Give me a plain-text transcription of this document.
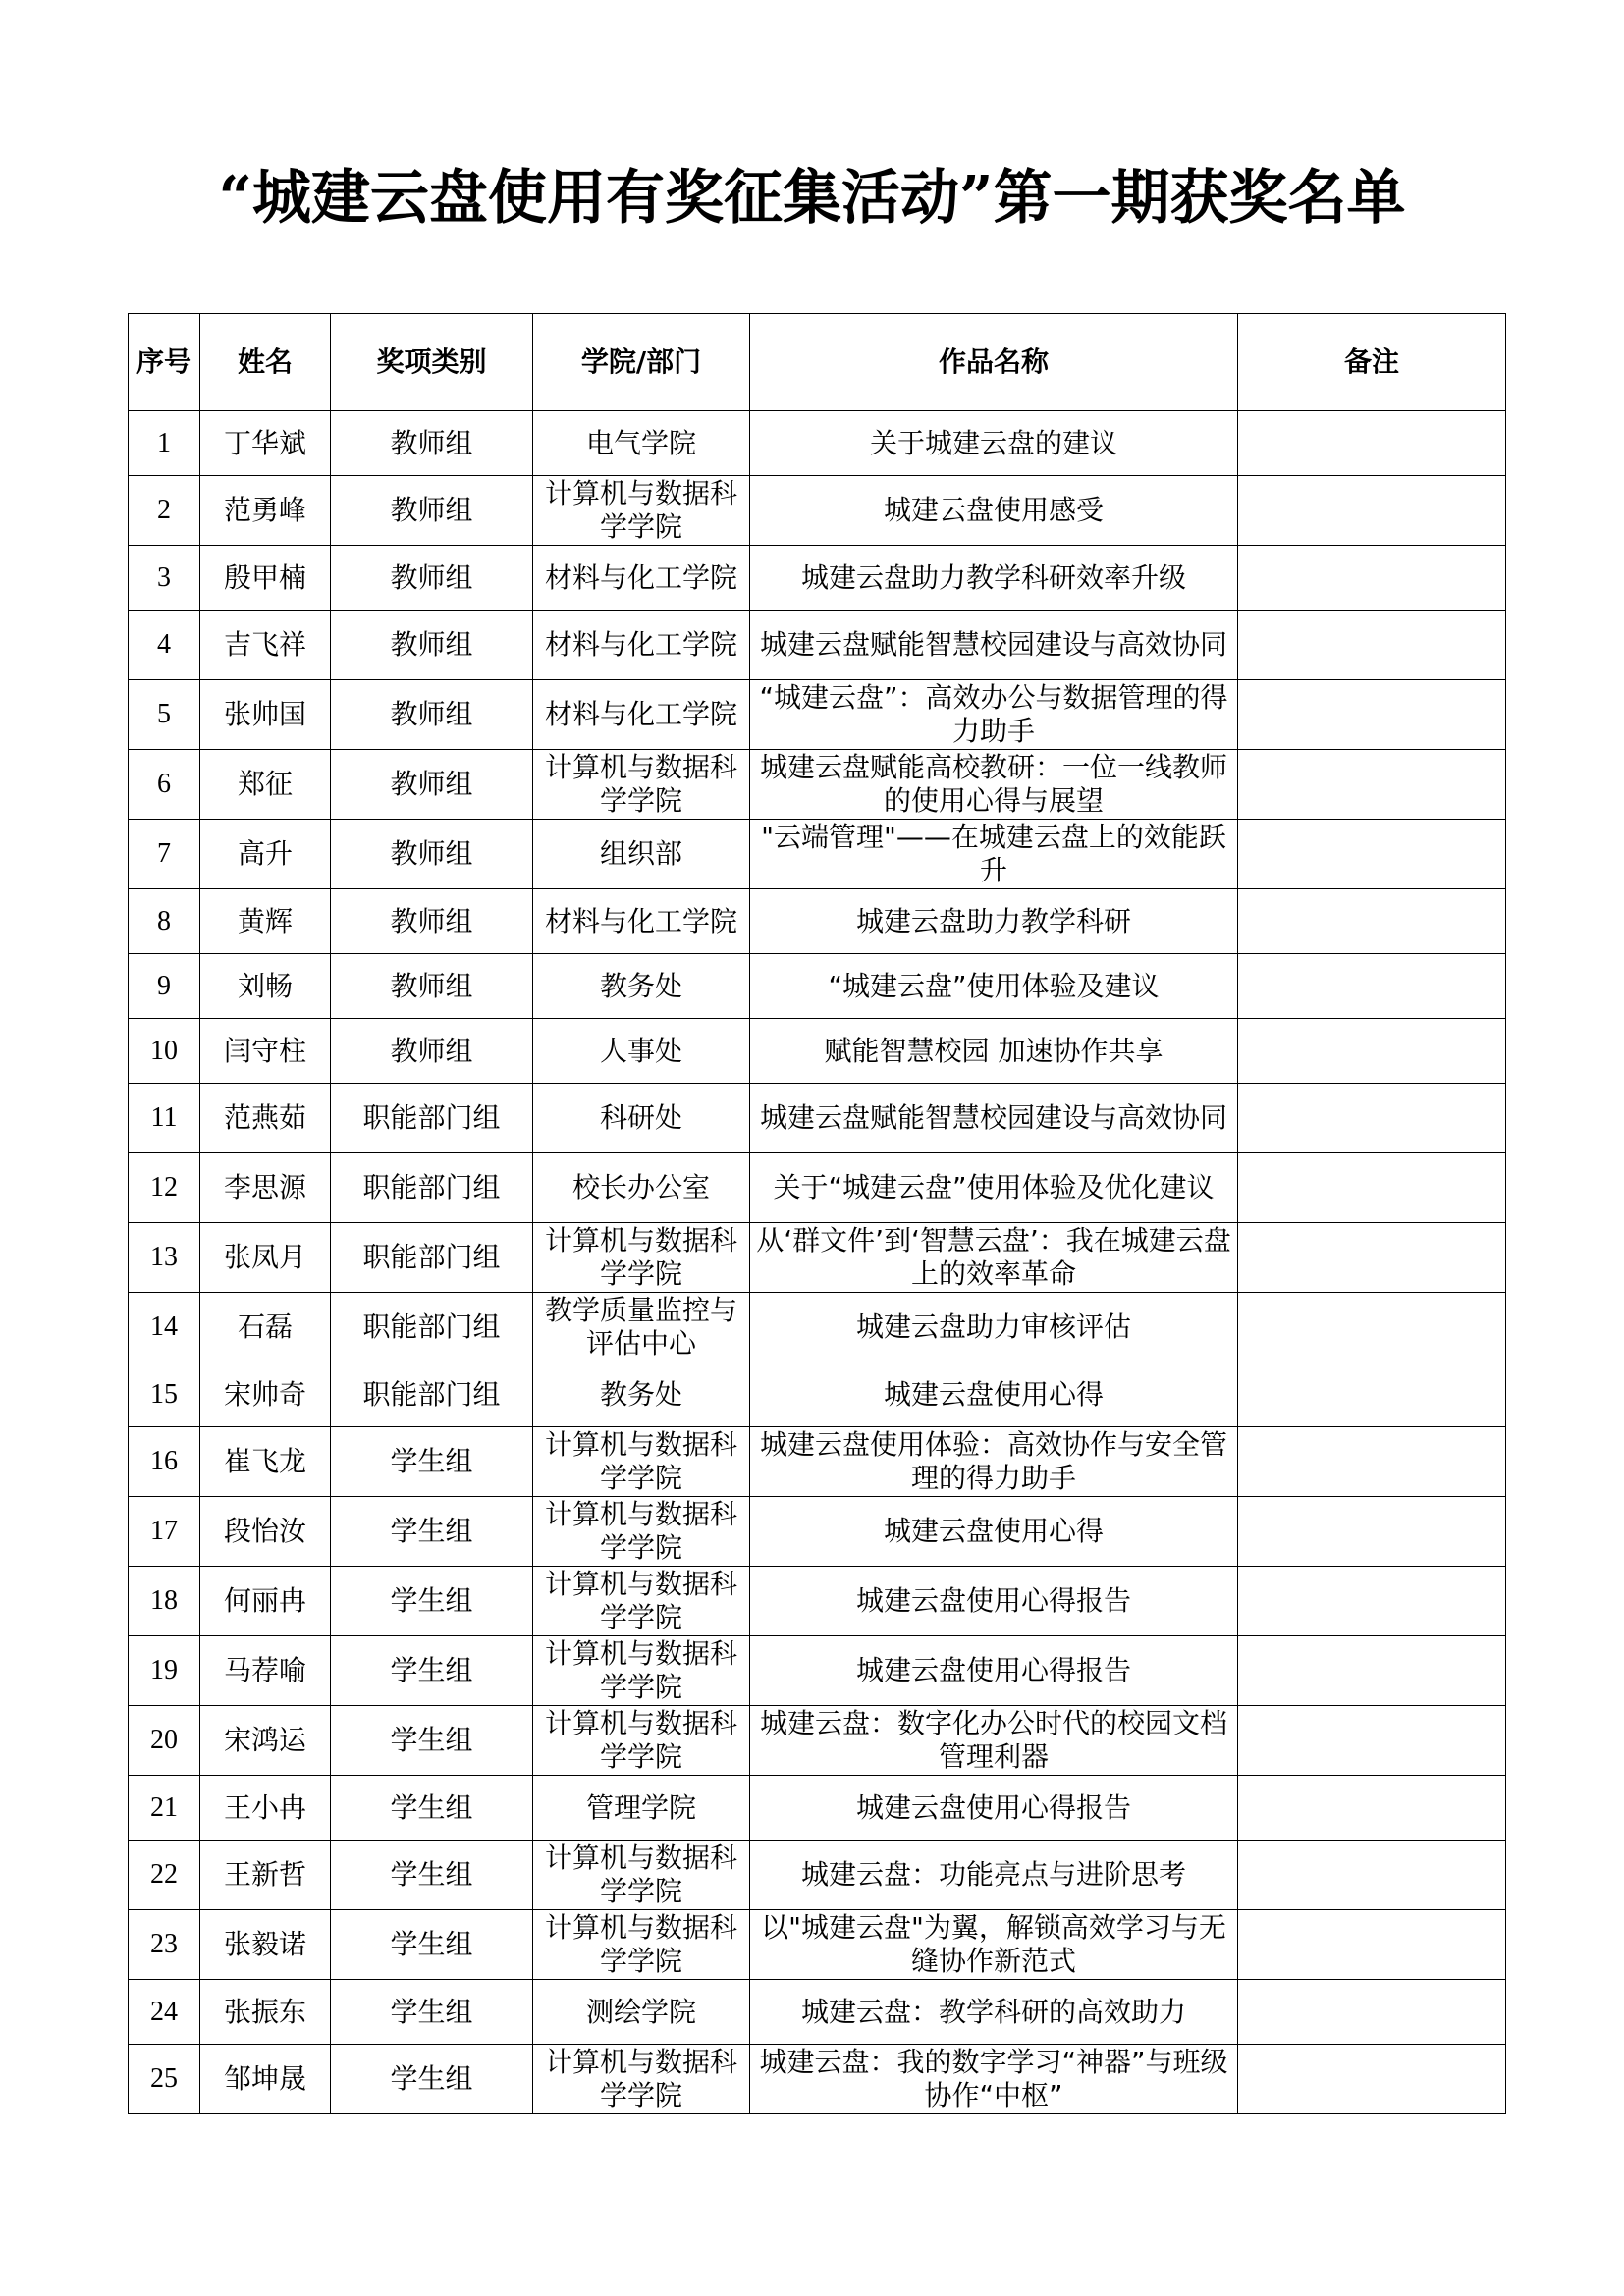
“城建云盘使用有奖征集活动”第一期获奖名单
序号	姓名	奖项类别	学院/部门	作品名称	备注
1	丁华斌	教师组	电气学院	关于城建云盘的建议	
2	范勇峰	教师组	计算机与数据科学学院	城建云盘使用感受	
3	殷甲楠	教师组	材料与化工学院	城建云盘助力教学科研效率升级	
4	吉飞祥	教师组	材料与化工学院	城建云盘赋能智慧校园建设与高效协同	
5	张帅国	教师组	材料与化工学院	“城建云盘”：高效办公与数据管理的得力助手	
6	郑征	教师组	计算机与数据科学学院	城建云盘赋能高校教研：一位一线教师的使用心得与展望	
7	高升	教师组	组织部	"云端管理"——在城建云盘上的效能跃升	
8	黄辉	教师组	材料与化工学院	城建云盘助力教学科研	
9	刘畅	教师组	教务处	“城建云盘”使用体验及建议	
10	闫守柱	教师组	人事处	赋能智慧校园 加速协作共享	
11	范燕茹	职能部门组	科研处	城建云盘赋能智慧校园建设与高效协同	
12	李思源	职能部门组	校长办公室	关于“城建云盘”使用体验及优化建议	
13	张凤月	职能部门组	计算机与数据科学学院	从‘群文件’到‘智慧云盘’：我在城建云盘上的效率革命	
14	石磊	职能部门组	教学质量监控与评估中心	城建云盘助力审核评估	
15	宋帅奇	职能部门组	教务处	城建云盘使用心得	
16	崔飞龙	学生组	计算机与数据科学学院	城建云盘使用体验：高效协作与安全管理的得力助手	
17	段怡汝	学生组	计算机与数据科学学院	城建云盘使用心得	
18	何丽冉	学生组	计算机与数据科学学院	城建云盘使用心得报告	
19	马荐喻	学生组	计算机与数据科学学院	城建云盘使用心得报告	
20	宋鸿运	学生组	计算机与数据科学学院	城建云盘：数字化办公时代的校园文档管理利器	
21	王小冉	学生组	管理学院	城建云盘使用心得报告	
22	王新哲	学生组	计算机与数据科学学院	城建云盘：功能亮点与进阶思考	
23	张毅诺	学生组	计算机与数据科学学院	以"城建云盘"为翼，解锁高效学习与无缝协作新范式	
24	张振东	学生组	测绘学院	城建云盘：教学科研的高效助力	
25	邹坤晟	学生组	计算机与数据科学学院	城建云盘：我的数字学习“神器”与班级协作“中枢”	
